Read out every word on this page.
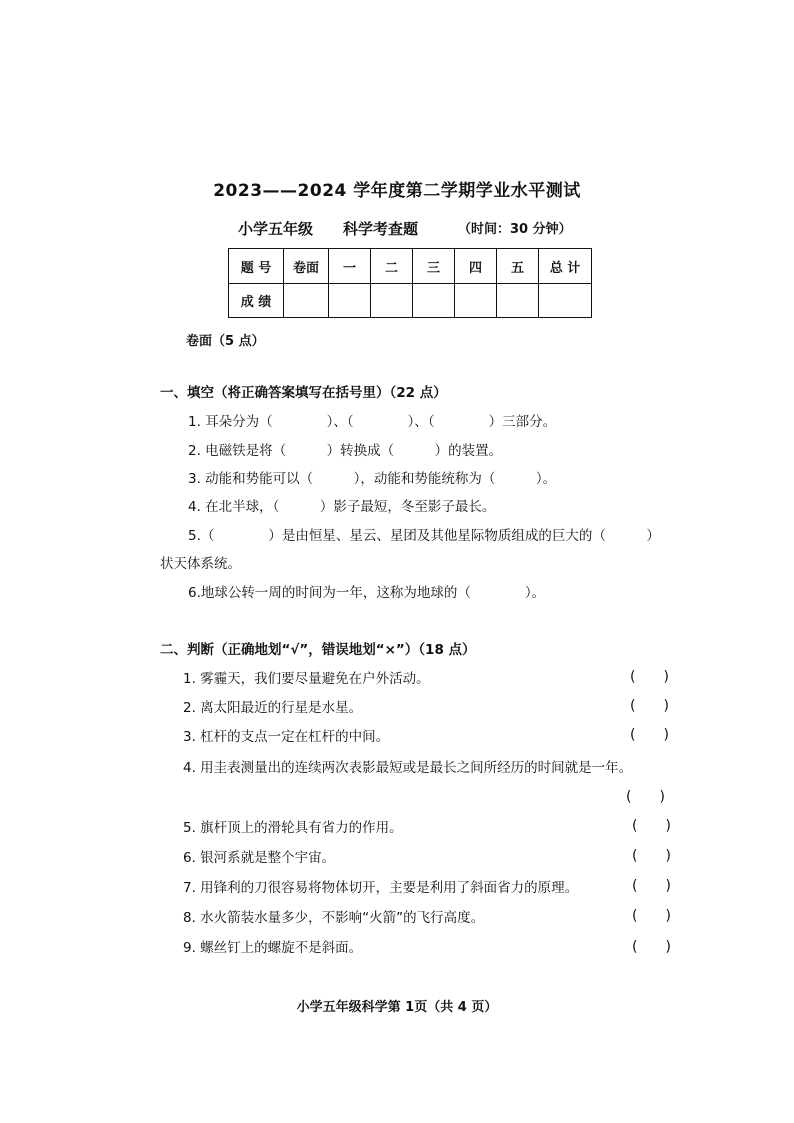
2023——2024 学年度第二学期学业水平测试
小学五年级 科学考查题	（时间：30 分钟）
题 号	卷面	一	二	三	四	五	总 计
成 绩							
卷面（5 点）
一、填空（将正确答案填写在括号里）（22 点）
1. 耳朵分为（　　　　）、（　　　　）、（　　　　）三部分。
2. 电磁铁是将（　　　）转换成（　　　）的装置。
3. 动能和势能可以（　　　），动能和势能统称为（　　　）。
4. 在北半球，（　　　）影子最短，冬至影子最长。
5.（　　　　）是由恒星、星云、星团及其他星际物质组成的巨大的（　　　）
状天体系统。
6.地球公转一周的时间为一年，这称为地球的（　　　　）。
二、判断（正确地划“√”，错误地划“×”）（18 点）
1. 雾霾天，我们要尽量避免在户外活动。	(　　)
2. 离太阳最近的行星是水星。	(　　)
3. 杠杆的支点一定在杠杆的中间。	(　　)
4. 用圭表测量出的连续两次表影最短或是最长之间所经历的时间就是一年。
(　　)
5. 旗杆顶上的滑轮具有省力的作用。	(　　)
6. 银河系就是整个宇宙。	(　　)
7. 用锋利的刀很容易将物体切开，主要是利用了斜面省力的原理。	(　　)
8. 水火箭装水量多少，不影响“火箭”的飞行高度。	(　　)
9. 螺丝钉上的螺旋不是斜面。	(　　)
小学五年级科学第 1页（共 4 页）
